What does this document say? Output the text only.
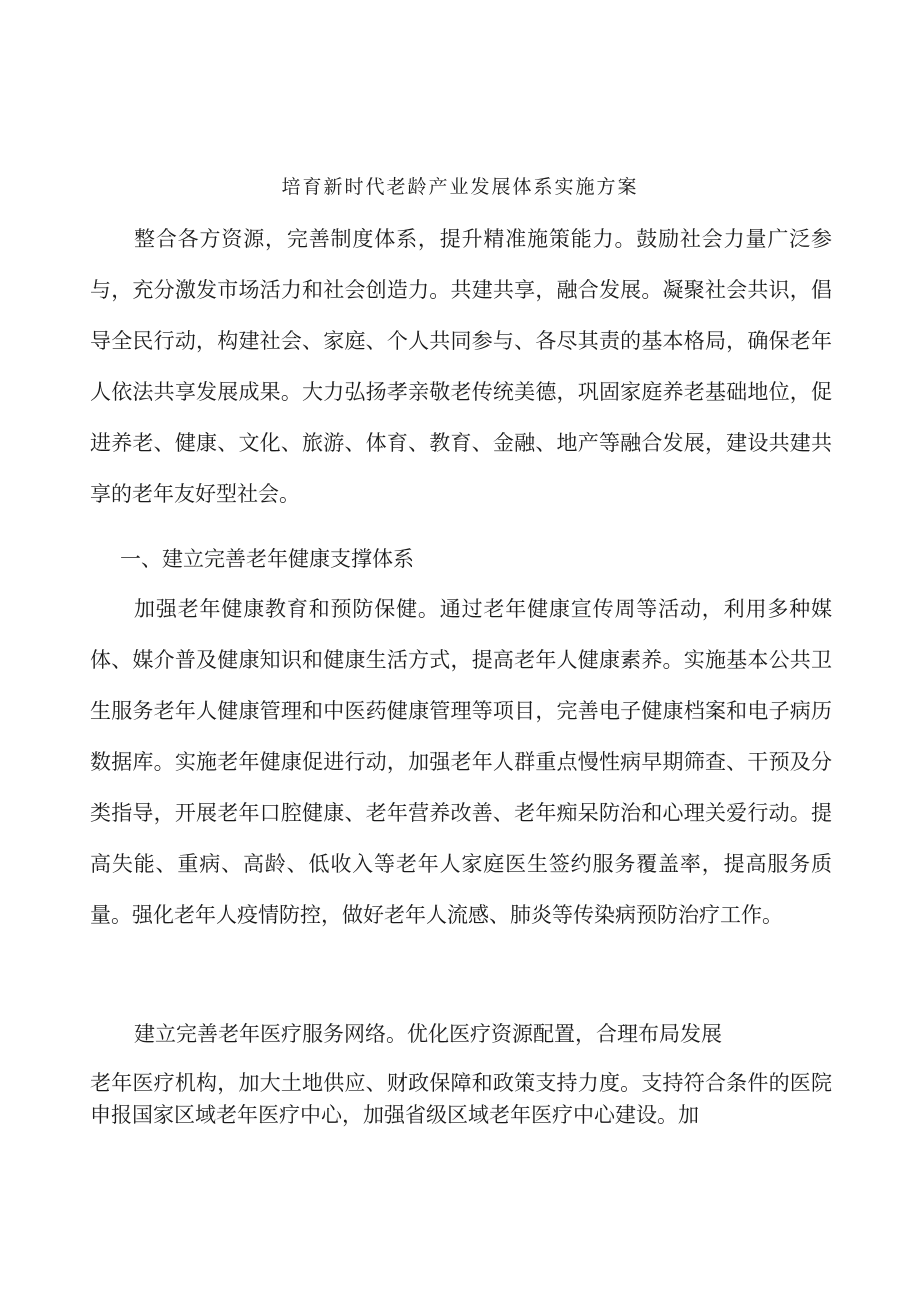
培育新时代老龄产业发展体系实施方案

整合各方资源，完善制度体系，提升精准施策能力。鼓励社会力量广泛参与，充分激发市场活力和社会创造力。共建共享，融合发展。凝聚社会共识，倡导全民行动，构建社会、家庭、个人共同参与、各尽其责的基本格局，确保老年人依法共享发展成果。大力弘扬孝亲敬老传统美德，巩固家庭养老基础地位，促进养老、健康、文化、旅游、体育、教育、金融、地产等融合发展，建设共建共享的老年友好型社会。

一、建立完善老年健康支撑体系

加强老年健康教育和预防保健。通过老年健康宣传周等活动，利用多种媒体、媒介普及健康知识和健康生活方式，提高老年人健康素养。实施基本公共卫生服务老年人健康管理和中医药健康管理等项目，完善电子健康档案和电子病历数据库。实施老年健康促进行动，加强老年人群重点慢性病早期筛查、干预及分类指导，开展老年口腔健康、老年营养改善、老年痴呆防治和心理关爱行动。提高失能、重病、高龄、低收入等老年人家庭医生签约服务覆盖率，提高服务质量。强化老年人疫情防控，做好老年人流感、肺炎等传染病预防治疗工作。

建立完善老年医疗服务网络。优化医疗资源配置，合理布局发展

老年医疗机构，加大土地供应、财政保障和政策支持力度。支持符合条件的医院申报国家区域老年医疗中心，加强省级区域老年医疗中心建设。加
